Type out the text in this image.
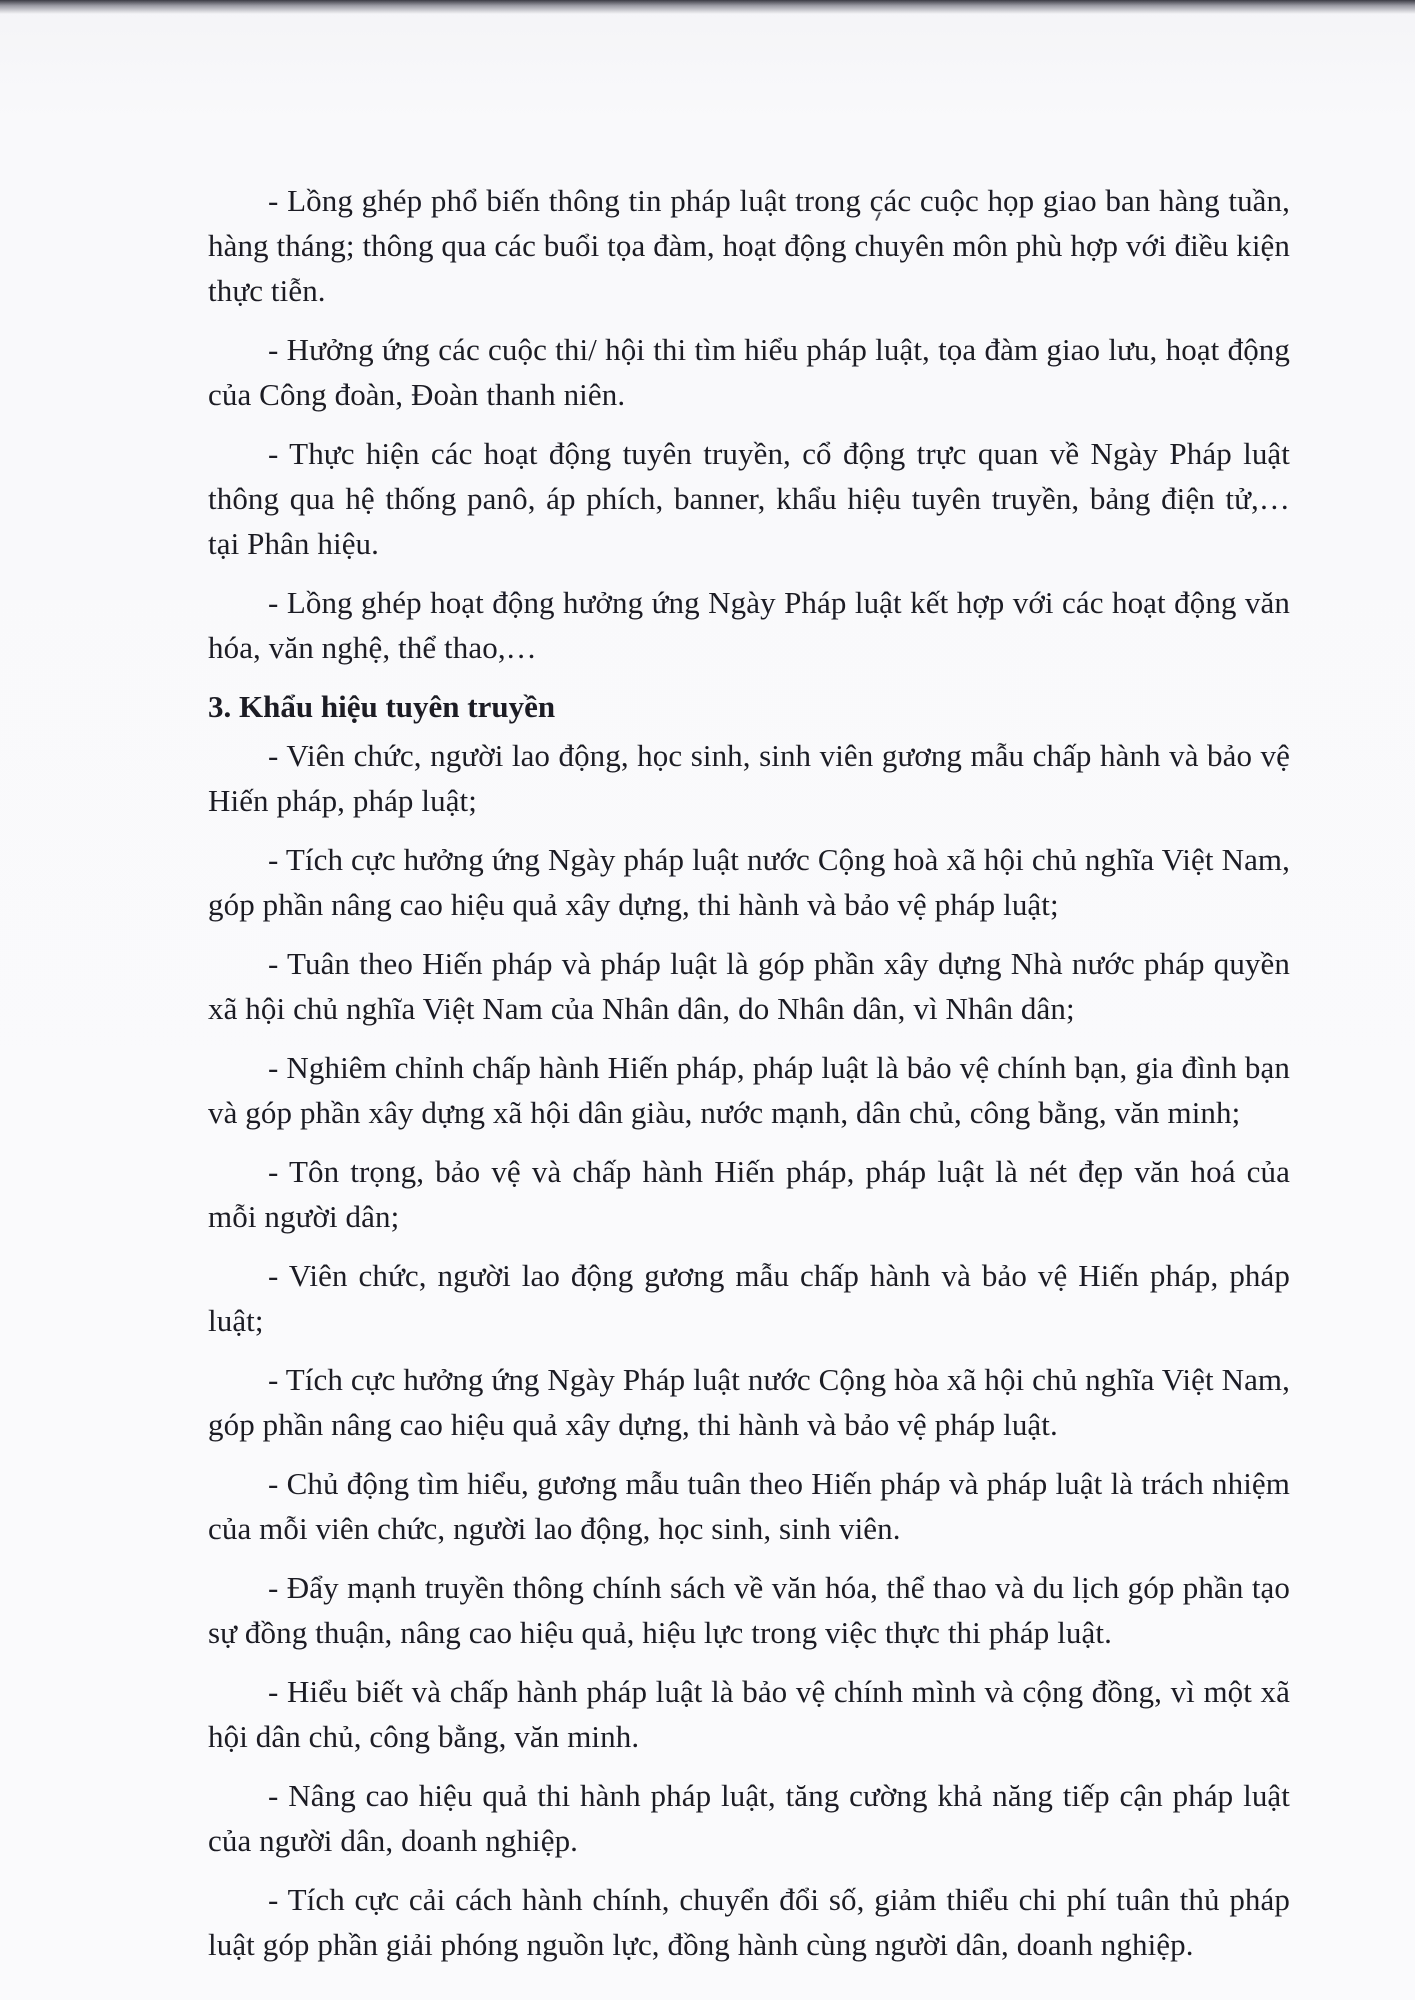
- Lồng ghép phổ biến thông tin pháp luật trong các cuộc họp giao ban hàng tuần, hàng tháng; thông qua các buổi tọa đàm, hoạt động chuyên môn phù hợp với điều kiện thực tiễn.

- Hưởng ứng các cuộc thi/ hội thi tìm hiểu pháp luật, tọa đàm giao lưu, hoạt động của Công đoàn, Đoàn thanh niên.

- Thực hiện các hoạt động tuyên truyền, cổ động trực quan về Ngày Pháp luật thông qua hệ thống panô, áp phích, banner, khẩu hiệu tuyên truyền, bảng điện tử,… tại Phân hiệu.

- Lồng ghép hoạt động hưởng ứng Ngày Pháp luật kết hợp với các hoạt động văn hóa, văn nghệ, thể thao,…

3. Khẩu hiệu tuyên truyền

- Viên chức, người lao động, học sinh, sinh viên gương mẫu chấp hành và bảo vệ Hiến pháp, pháp luật;

- Tích cực hưởng ứng Ngày pháp luật nước Cộng hoà xã hội chủ nghĩa Việt Nam, góp phần nâng cao hiệu quả xây dựng, thi hành và bảo vệ pháp luật;

- Tuân theo Hiến pháp và pháp luật là góp phần xây dựng Nhà nước pháp quyền xã hội chủ nghĩa Việt Nam của Nhân dân, do Nhân dân, vì Nhân dân;

- Nghiêm chỉnh chấp hành Hiến pháp, pháp luật là bảo vệ chính bạn, gia đình bạn và góp phần xây dựng xã hội dân giàu, nước mạnh, dân chủ, công bằng, văn minh;

- Tôn trọng, bảo vệ và chấp hành Hiến pháp, pháp luật là nét đẹp văn hoá của mỗi người dân;

- Viên chức, người lao động gương mẫu chấp hành và bảo vệ Hiến pháp, pháp luật;

- Tích cực hưởng ứng Ngày Pháp luật nước Cộng hòa xã hội chủ nghĩa Việt Nam, góp phần nâng cao hiệu quả xây dựng, thi hành và bảo vệ pháp luật.

- Chủ động tìm hiểu, gương mẫu tuân theo Hiến pháp và pháp luật là trách nhiệm của mỗi viên chức, người lao động, học sinh, sinh viên.

- Đẩy mạnh truyền thông chính sách về văn hóa, thể thao và du lịch góp phần tạo sự đồng thuận, nâng cao hiệu quả, hiệu lực trong việc thực thi pháp luật.

- Hiểu biết và chấp hành pháp luật là bảo vệ chính mình và cộng đồng, vì một xã hội dân chủ, công bằng, văn minh.

- Nâng cao hiệu quả thi hành pháp luật, tăng cường khả năng tiếp cận pháp luật của người dân, doanh nghiệp.

- Tích cực cải cách hành chính, chuyển đổi số, giảm thiểu chi phí tuân thủ pháp luật góp phần giải phóng nguồn lực, đồng hành cùng người dân, doanh nghiệp.
